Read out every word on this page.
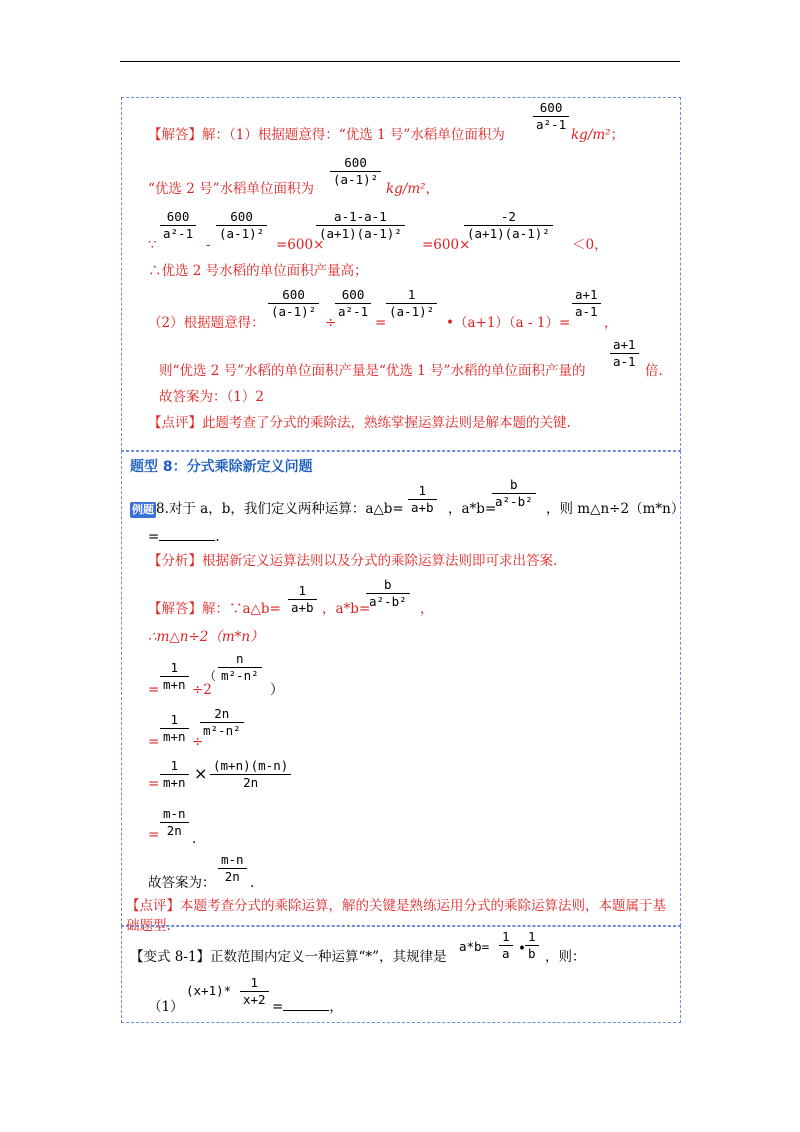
【解答】解：（1）根据题意得：“优选 1 号”水稻单位面积为
$\frac{600}{\text{a²-1}}$
kg/m²；
“优选 2 号”水稻单位面积为
$\frac{600}{\text{(a-1)²}}$
kg/m²，
∵
$\frac{600}{\text{a²-1}}$
-
$\frac{600}{\text{(a-1)²}}$
=600×
$\frac{a-1-a-1}{\text{(a+1)(a-1)²}}$
=600×
$\frac{-2}{\text{(a+1)(a-1)²}}$
＜0，
∴优选 2 号水稻的单位面积产量高；
（2）根据题意得：
$\frac{600}{\text{(a-1)²}}$
÷
$\frac{600}{\text{a²-1}}$
=
$\frac{1}{\text{(a-1)²}}$
•（a+1）（a - 1）=
$\frac{a+1}{a-1}$
，
则“优选 2 号”水稻的单位面积产量是“优选 1 号”水稻的单位面积产量的
$\frac{a+1}{a-1}$
倍.
故答案为：（1）2
【点评】此题考查了分式的乘除法，熟练掌握运算法则是解本题的关键.
题型 8：分式乘除新定义问题
例题 8.对于 a，b，我们定义两种运算：a△b= $\frac{1}{a+b}$ ，a*b=
$\frac{b}{\text{a²-b²}}$ ，则 m△n÷2（m*n）
=	.
【分析】根据新定义运算法则以及分式的乘除运算法则即可求出答案.
【解答】解：∵a△b= $\frac{1}{a+b}$ ，a*b=
$\frac{b}{\text{a²-b²}}$ ，
∴m△n÷2（m*n）
= $\frac{1}{m+n} \div 2$
（ $\frac{n}{\text{m²-n²}}$
）
= $\frac{1}{m+n}$ ÷
$\frac{2n}{\text{m²-n²}}$
= $\frac{1}{m+n} \times \frac{(m+n)(m-n)}{2n}$
= $\frac{m-n}{2n}$ .
故答案为： $\frac{m-n}{2n}$ .
【点评】本题考查分式的乘除运算，解的关键是熟练运用分式的乘除运算法则，本题属于基础题型.
【变式 8-1】正数范围内定义一种运算“*”，其规律是
$a*b= \frac{1}{a}$ • $\frac{1}{b}$ ，则：
（1）
$(x+1)* \frac{1}{x+2}$ =	，
